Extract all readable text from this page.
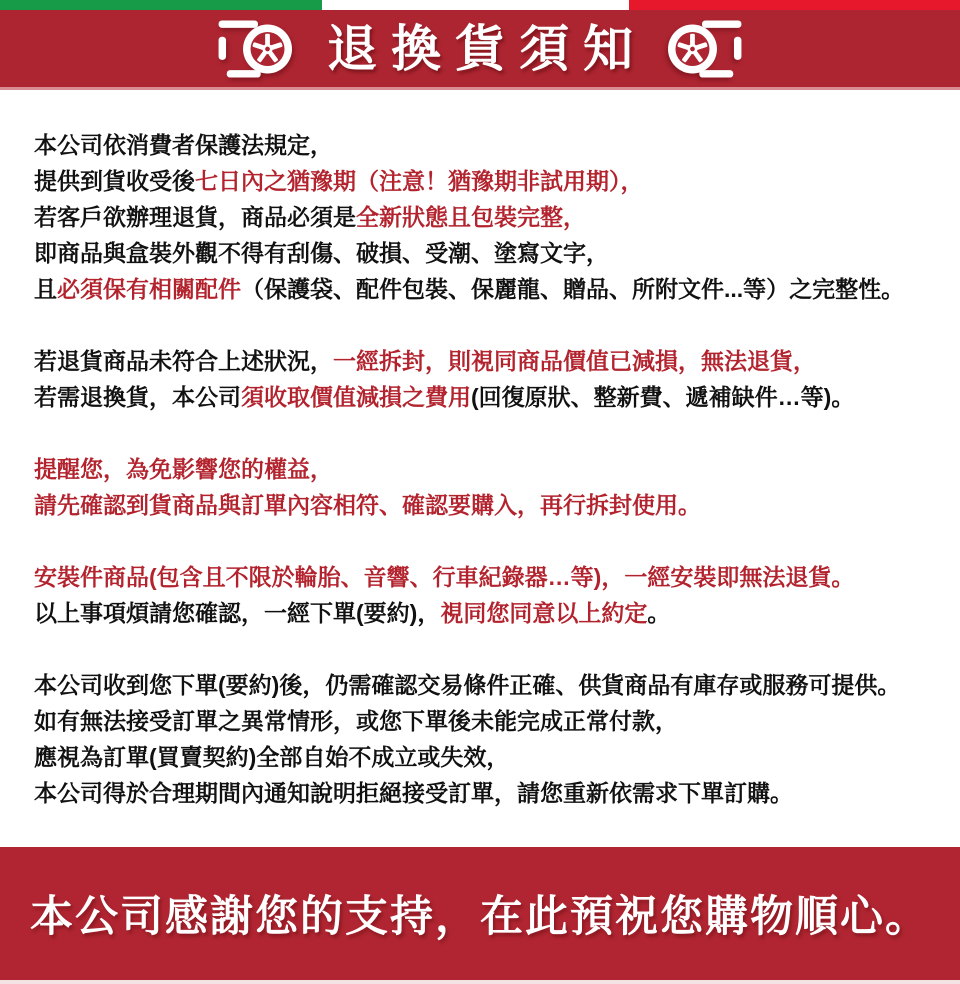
退換貨須知

本公司依消費者保護法規定，
提供到貨收受後七日內之猶豫期（注意！猶豫期非試用期），
若客戶欲辦理退貨，商品必須是全新狀態且包裝完整，
即商品與盒裝外觀不得有刮傷、破損、受潮、塗寫文字，
且必須保有相關配件（保護袋、配件包裝、保麗龍、贈品、所附文件...等）之完整性。

若退貨商品未符合上述狀況，一經拆封，則視同商品價值已減損，無法退貨，
若需退換貨，本公司須收取價值減損之費用(回復原狀、整新費、遞補缺件…等)。

提醒您，為免影響您的權益，
請先確認到貨商品與訂單內容相符、確認要購入，再行拆封使用。

安裝件商品(包含且不限於輪胎、音響、行車紀錄器…等)，一經安裝即無法退貨。
以上事項煩請您確認，一經下單(要約)，視同您同意以上約定。

本公司收到您下單(要約)後，仍需確認交易條件正確、供貨商品有庫存或服務可提供。
如有無法接受訂單之異常情形，或您下單後未能完成正常付款，
應視為訂單(買賣契約)全部自始不成立或失效，
本公司得於合理期間內通知說明拒絕接受訂單，請您重新依需求下單訂購。

本公司感謝您的支持，在此預祝您購物順心。
